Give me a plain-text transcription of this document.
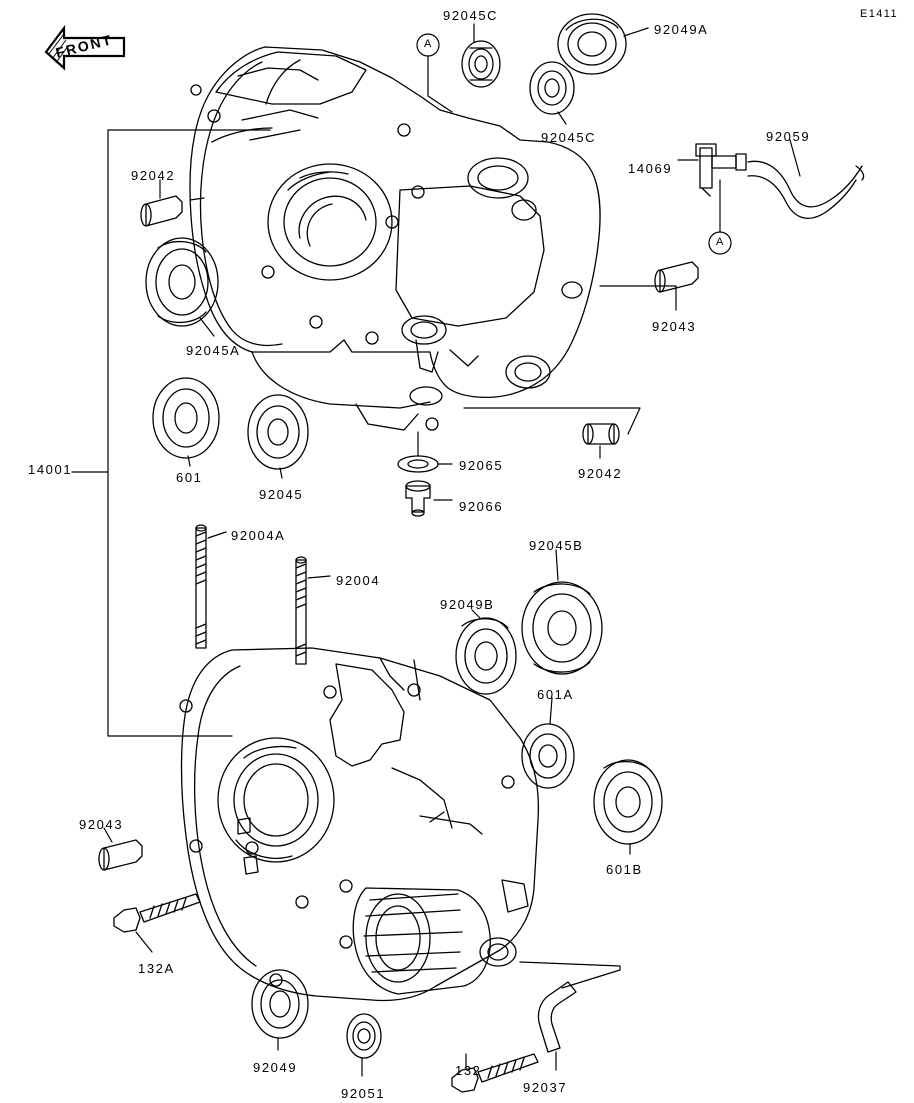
E1411
FRONT	A
A
92045C
92049A
92045C	92059
14069
92042
92043
92045A
14001	92065
92042
601
92045
92066
92004A
92045B
92004
92049B
601A
92043
601B
132A
92049	132
92037
92051
